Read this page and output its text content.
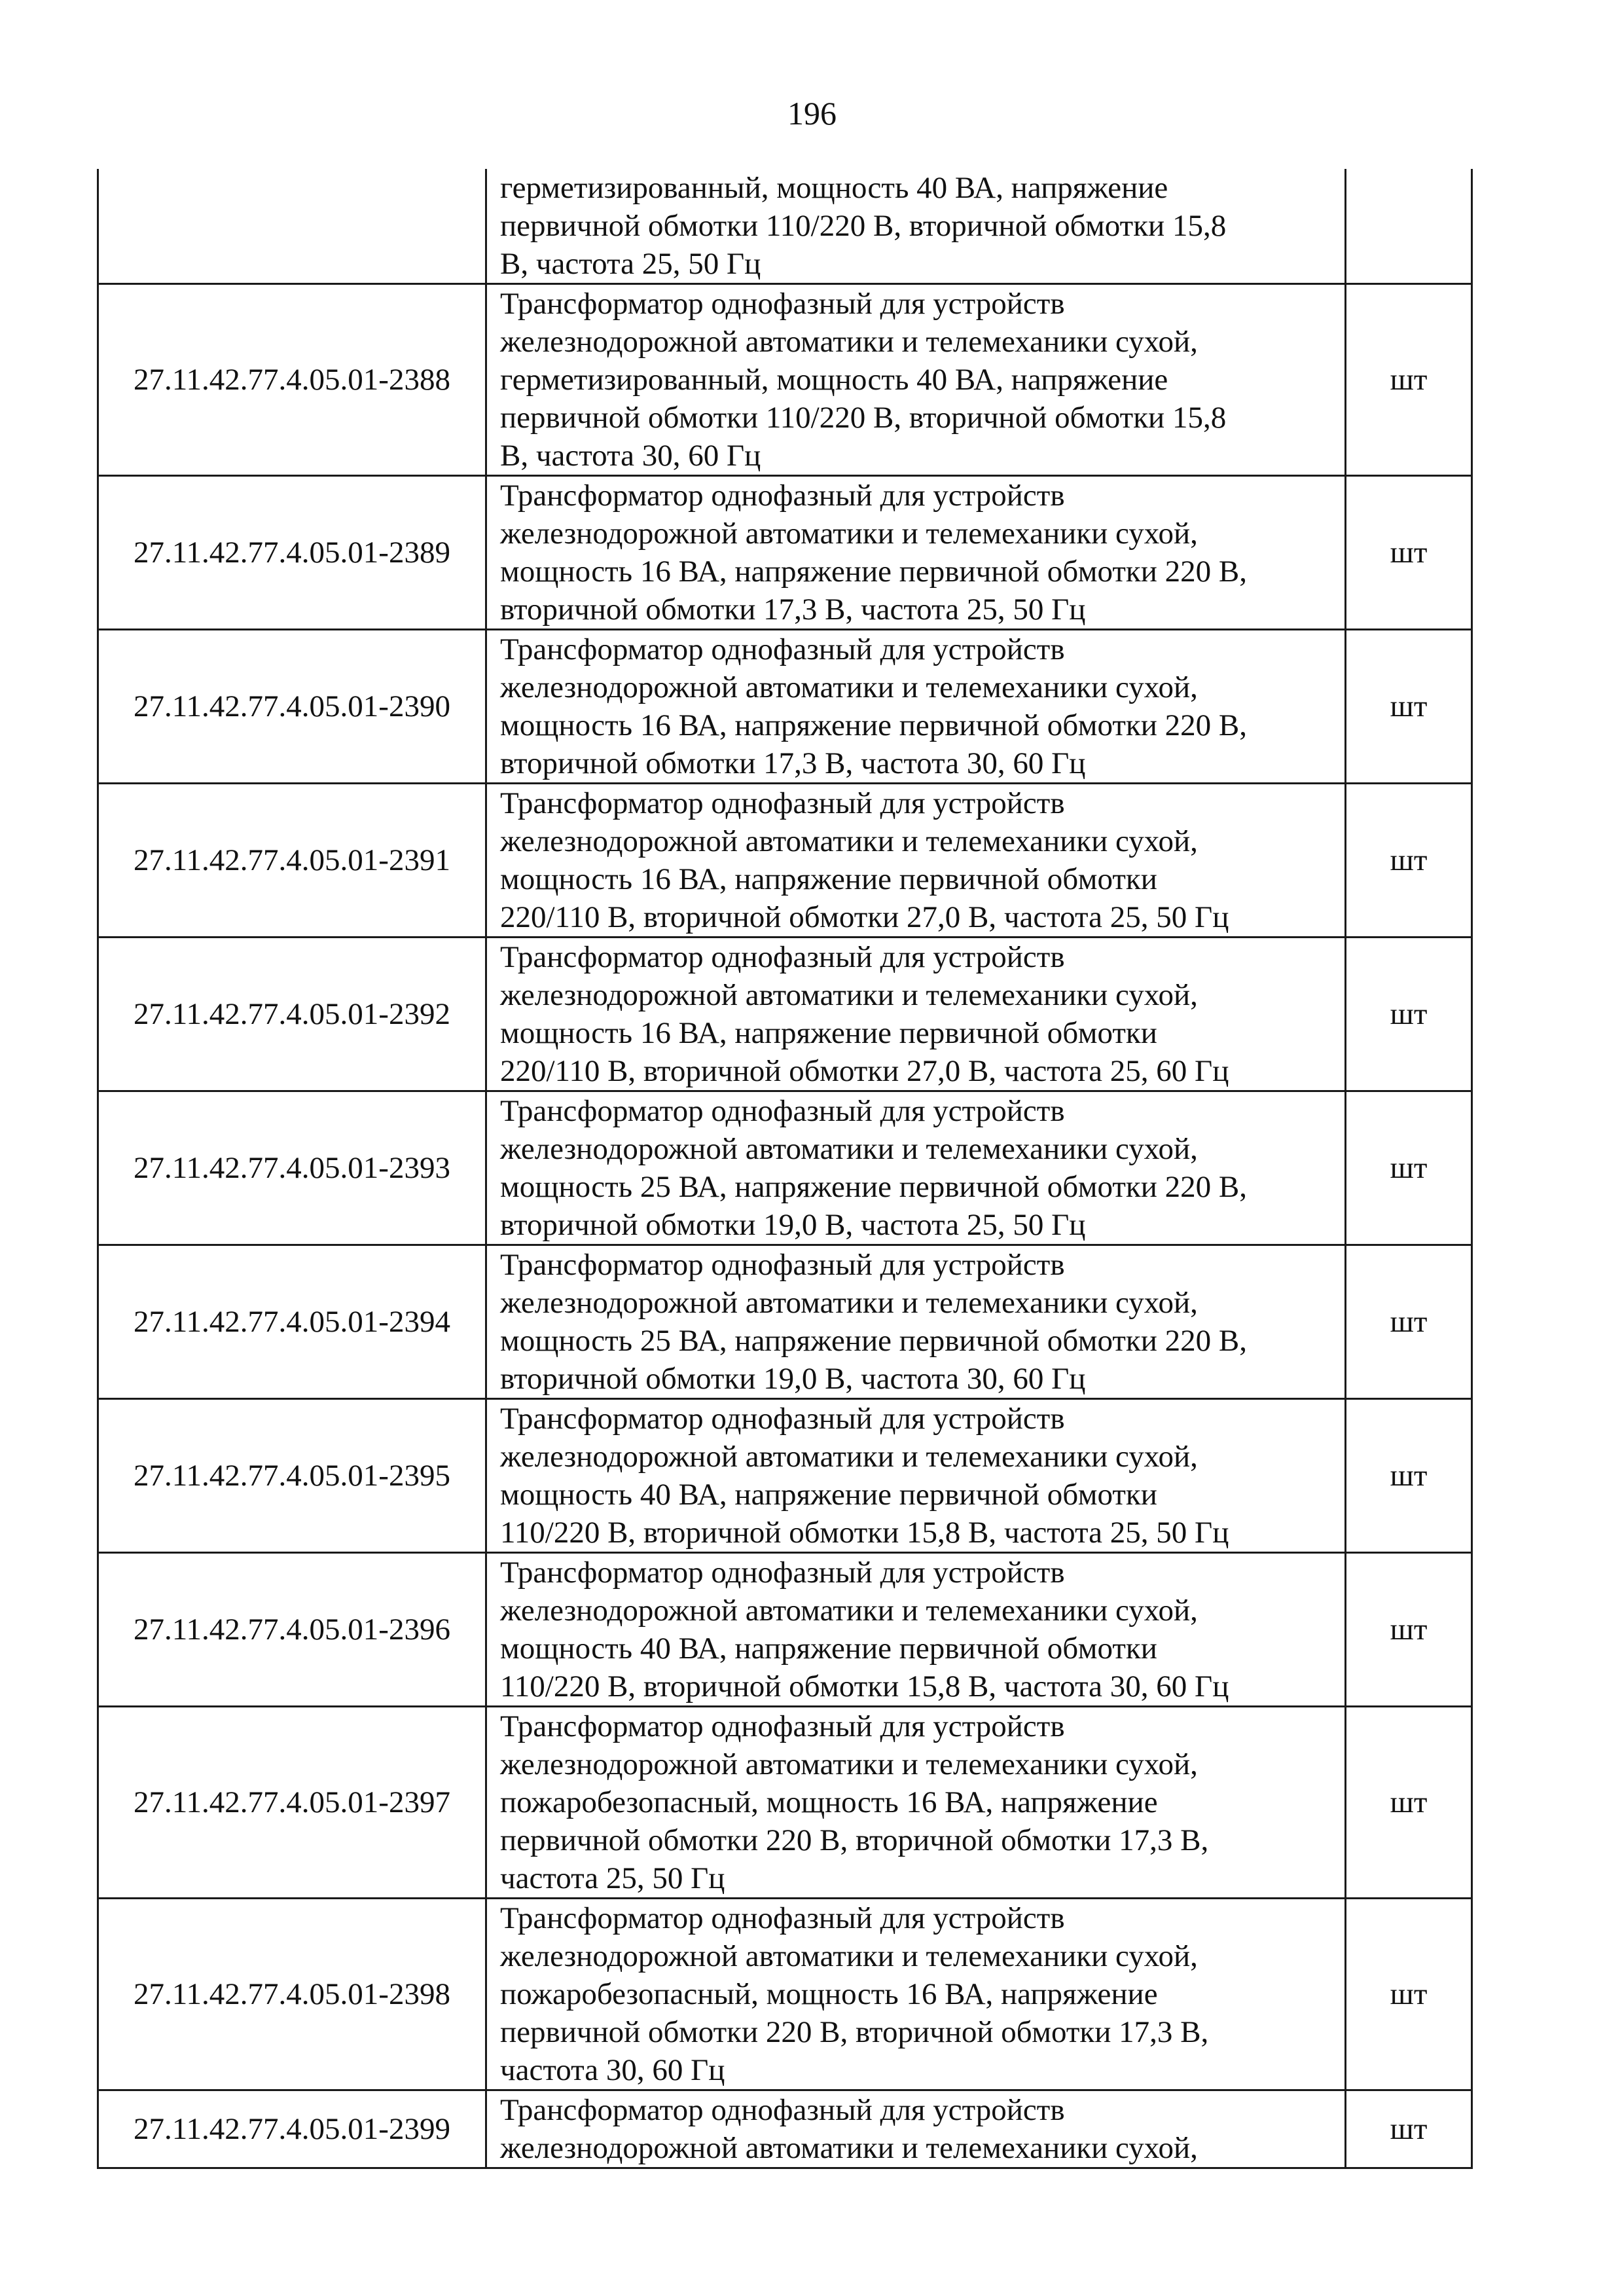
196

	герметизированный, мощность 40 ВА, напряжение
первичной обмотки 110/220 В, вторичной обмотки 15,8
В, частота 25, 50 Гц	

27.11.42.77.4.05.01-2388	Трансформатор однофазный для устройств
железнодорожной автоматики и телемеханики сухой,
герметизированный, мощность 40 ВА, напряжение
первичной обмотки 110/220 В, вторичной обмотки 15,8
В, частота 30, 60 Гц	шт
27.11.42.77.4.05.01-2389	Трансформатор однофазный для устройств
железнодорожной автоматики и телемеханики сухой,
мощность 16 ВА, напряжение первичной обмотки 220 В,
вторичной обмотки 17,3 В, частота 25, 50 Гц	шт
27.11.42.77.4.05.01-2390	Трансформатор однофазный для устройств
железнодорожной автоматики и телемеханики сухой,
мощность 16 ВА, напряжение первичной обмотки 220 В,
вторичной обмотки 17,3 В, частота 30, 60 Гц	шт
27.11.42.77.4.05.01-2391	Трансформатор однофазный для устройств
железнодорожной автоматики и телемеханики сухой,
мощность 16 ВА, напряжение первичной обмотки
220/110 В, вторичной обмотки 27,0 В, частота 25, 50 Гц	шт
27.11.42.77.4.05.01-2392	Трансформатор однофазный для устройств
железнодорожной автоматики и телемеханики сухой,
мощность 16 ВА, напряжение первичной обмотки
220/110 В, вторичной обмотки 27,0 В, частота 25, 60 Гц	шт
27.11.42.77.4.05.01-2393	Трансформатор однофазный для устройств
железнодорожной автоматики и телемеханики сухой,
мощность 25 ВА, напряжение первичной обмотки 220 В,
вторичной обмотки 19,0 В, частота 25, 50 Гц	шт
27.11.42.77.4.05.01-2394	Трансформатор однофазный для устройств
железнодорожной автоматики и телемеханики сухой,
мощность 25 ВА, напряжение первичной обмотки 220 В,
вторичной обмотки 19,0 В, частота 30, 60 Гц	шт
27.11.42.77.4.05.01-2395	Трансформатор однофазный для устройств
железнодорожной автоматики и телемеханики сухой,
мощность 40 ВА, напряжение первичной обмотки
110/220 В, вторичной обмотки 15,8 В, частота 25, 50 Гц	шт
27.11.42.77.4.05.01-2396	Трансформатор однофазный для устройств
железнодорожной автоматики и телемеханики сухой,
мощность 40 ВА, напряжение первичной обмотки
110/220 В, вторичной обмотки 15,8 В, частота 30, 60 Гц	шт
27.11.42.77.4.05.01-2397	Трансформатор однофазный для устройств
железнодорожной автоматики и телемеханики сухой,
пожаробезопасный, мощность 16 ВА, напряжение
первичной обмотки 220 В, вторичной обмотки 17,3 В,
частота 25, 50 Гц	шт
27.11.42.77.4.05.01-2398	Трансформатор однофазный для устройств
железнодорожной автоматики и телемеханики сухой,
пожаробезопасный, мощность 16 ВА, напряжение
первичной обмотки 220 В, вторичной обмотки 17,3 В,
частота 30, 60 Гц	шт
27.11.42.77.4.05.01-2399	Трансформатор однофазный для устройств
железнодорожной автоматики и телемеханики сухой,	шт
